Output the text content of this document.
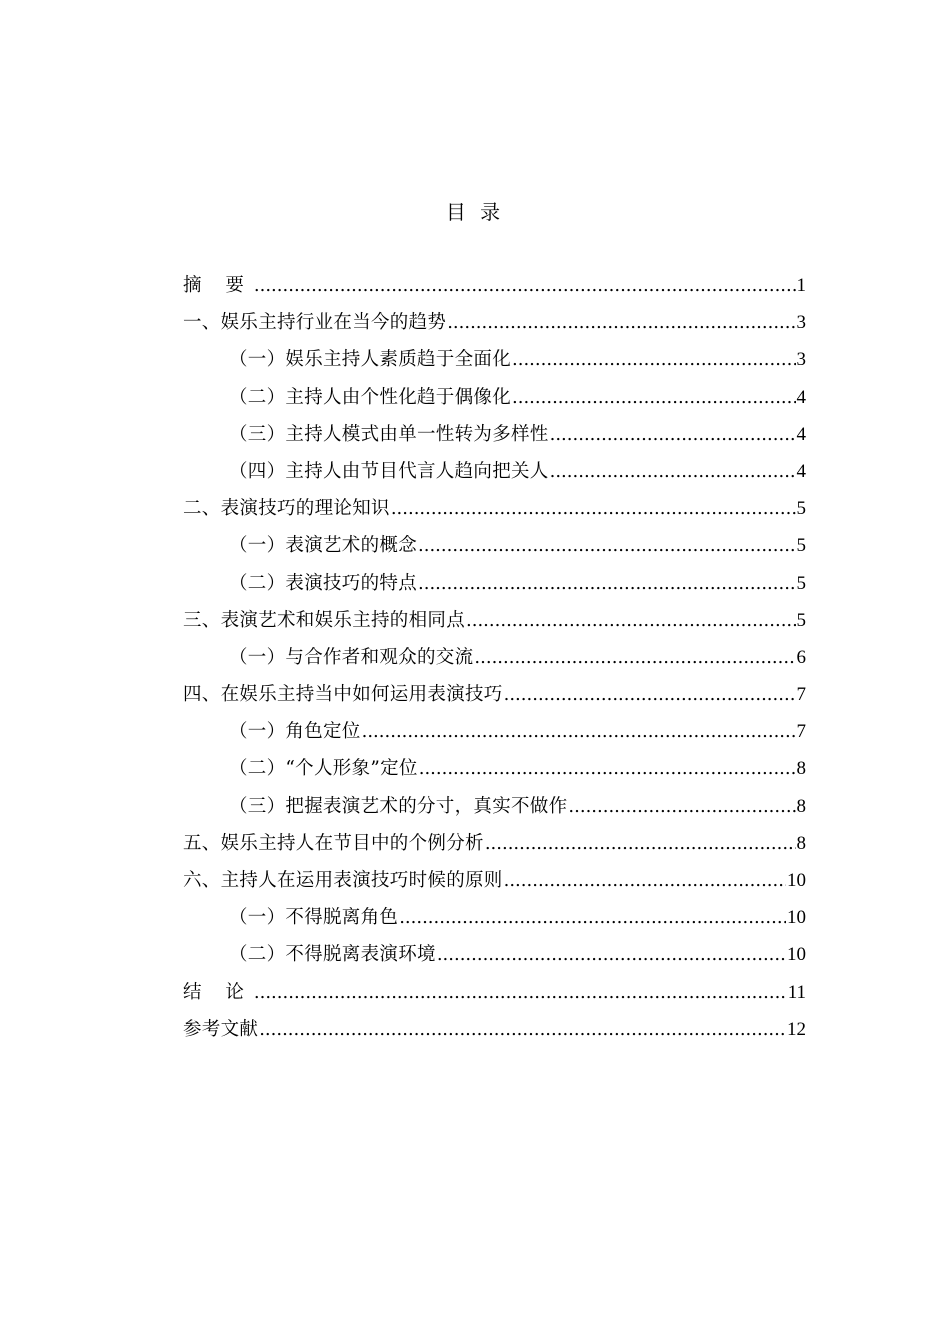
目 录
摘 要 .....	1
一、娱乐主持行业在当今的趋势 .....	3
（一）娱乐主持人素质趋于全面化 .....	3
（二）主持人由个性化趋于偶像化 .....	4
（三）主持人模式由单一性转为多样性 .....	4
（四）主持人由节目代言人趋向把关人 .....	4
二、表演技巧的理论知识 .....	5
（一）表演艺术的概念 .....	5
（二）表演技巧的特点 .....	5
三、表演艺术和娱乐主持的相同点 .....	5
（一）与合作者和观众的交流 .....	6
四、在娱乐主持当中如何运用表演技巧 .....	7
（一）角色定位 .....	7
（二）“个人形象”定位 .....	8
（三）把握表演艺术的分寸，真实不做作 .....	8
五、娱乐主持人在节目中的个例分析 .....	8
六、主持人在运用表演技巧时候的原则 .....	10
（一）不得脱离角色 .....	10
（二）不得脱离表演环境 .....	10
结 论 .....	11
参考文献 .....	12
